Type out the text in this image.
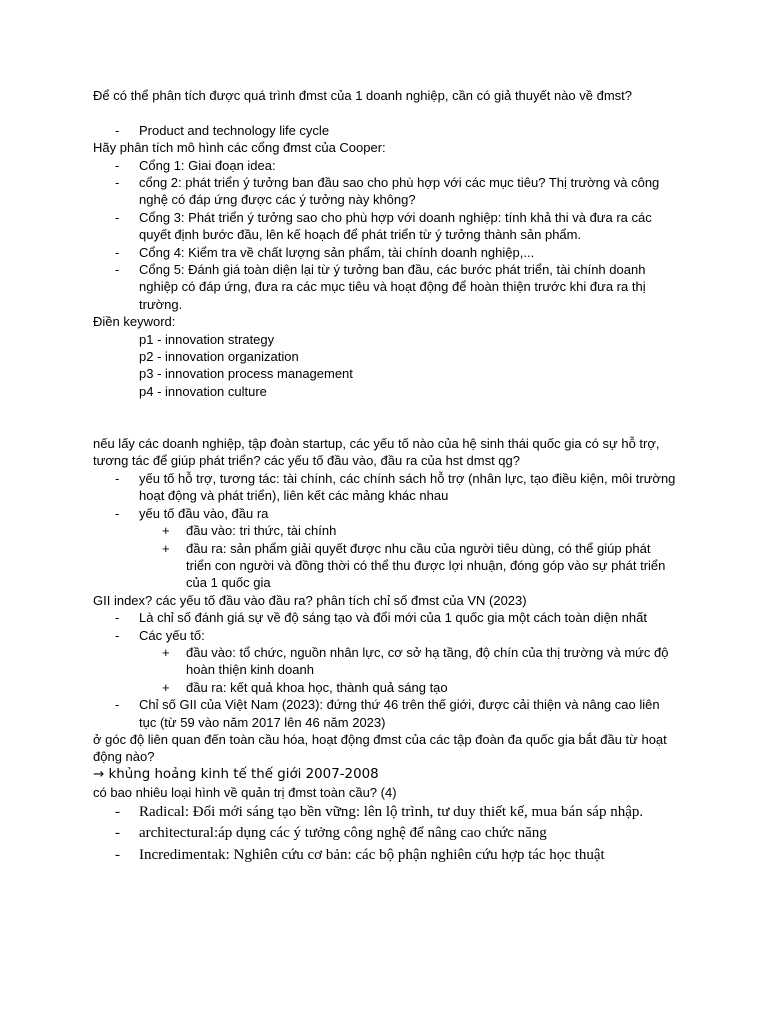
Để có thể phân tích được quá trình đmst của 1 doanh nghiệp, cần có giả thuyết nào về đmst?

- Product and technology life cycle

Hãy phân tích mô hình các cổng đmst của Cooper:

- Cổng 1: Giai đoạn idea:
- cổng 2: phát triển ý tưởng ban đầu sao cho phù hợp với các mục tiêu? Thị trường và công nghệ có đáp ứng được các ý tưởng này không?
- Cổng 3: Phát triển ý tưởng sao cho phù hợp với doanh nghiệp: tính khả thi và đưa ra các quyết định bước đầu, lên kế hoạch để phát triển từ ý tưởng thành sản phẩm.
- Cổng 4: Kiểm tra về chất lượng sản phẩm, tài chính doanh nghiệp,...
- Cổng 5: Đánh giá toàn diện lại từ ý tưởng ban đầu, các bước phát triển, tài chính doanh nghiệp có đáp ứng, đưa ra các mục tiêu và hoạt động để hoàn thiện trước khi đưa ra thị trường.

Điền keyword:

p1 - innovation strategy

p2 - innovation organization

p3 - innovation process management

p4 - innovation culture

nếu lấy các doanh nghiệp, tập đoàn startup, các yếu tố nào của hệ sinh thái quốc gia có sự hỗ trợ, tương tác để giúp phát triển? các yếu tố đầu vào, đầu ra của hst dmst qg?

- yếu tố hỗ trợ, tương tác: tài chính, các chính sách hỗ trợ (nhân lực, tạo điều kiện, môi trường hoạt động và phát triển), liên kết các mảng khác nhau
- yếu tố đầu vào, đầu ra
+ đầu vào: tri thức, tài chính
+ đầu ra: sản phẩm giải quyết được nhu cầu của người tiêu dùng, có thể giúp phát triển con người và đồng thời có thể thu được lợi nhuận, đóng góp vào sự phát triển của 1 quốc gia

GII index? các yếu tố đầu vào đầu ra? phân tích chỉ số đmst của VN (2023)

- Là chỉ số đánh giá sự về độ sáng tạo và đổi mới của 1 quốc gia một cách toàn diện nhất
- Các yếu tố:
+ đầu vào: tổ chức, nguồn nhân lực, cơ sở hạ tầng, độ chín của thị trường và mức độ hoàn thiện kinh doanh
+ đầu ra: kết quả khoa học, thành quả sáng tạo
- Chỉ số GII của Việt Nam (2023): đứng thứ 46 trên thế giới, được cải thiện và nâng cao liên tục (từ 59 vào năm 2017 lên 46 năm 2023)

ở góc độ liên quan đến toàn cầu hóa, hoạt động đmst của các tập đoàn đa quốc gia bắt đầu từ hoạt động nào?

→ khủng hoảng kinh tế thế giới 2007-2008

có bao nhiêu loại hình về quản trị đmst toàn cầu? (4)

- Radical: Đổi mới sáng tạo bền vững: lên lộ trình, tư duy thiết kế, mua bán sáp nhập.
- architectural:áp dụng các ý tưởng công nghệ để nâng cao chức năng
- Incredimentak: Nghiên cứu cơ bản: các bộ phận nghiên cứu hợp tác học thuật
